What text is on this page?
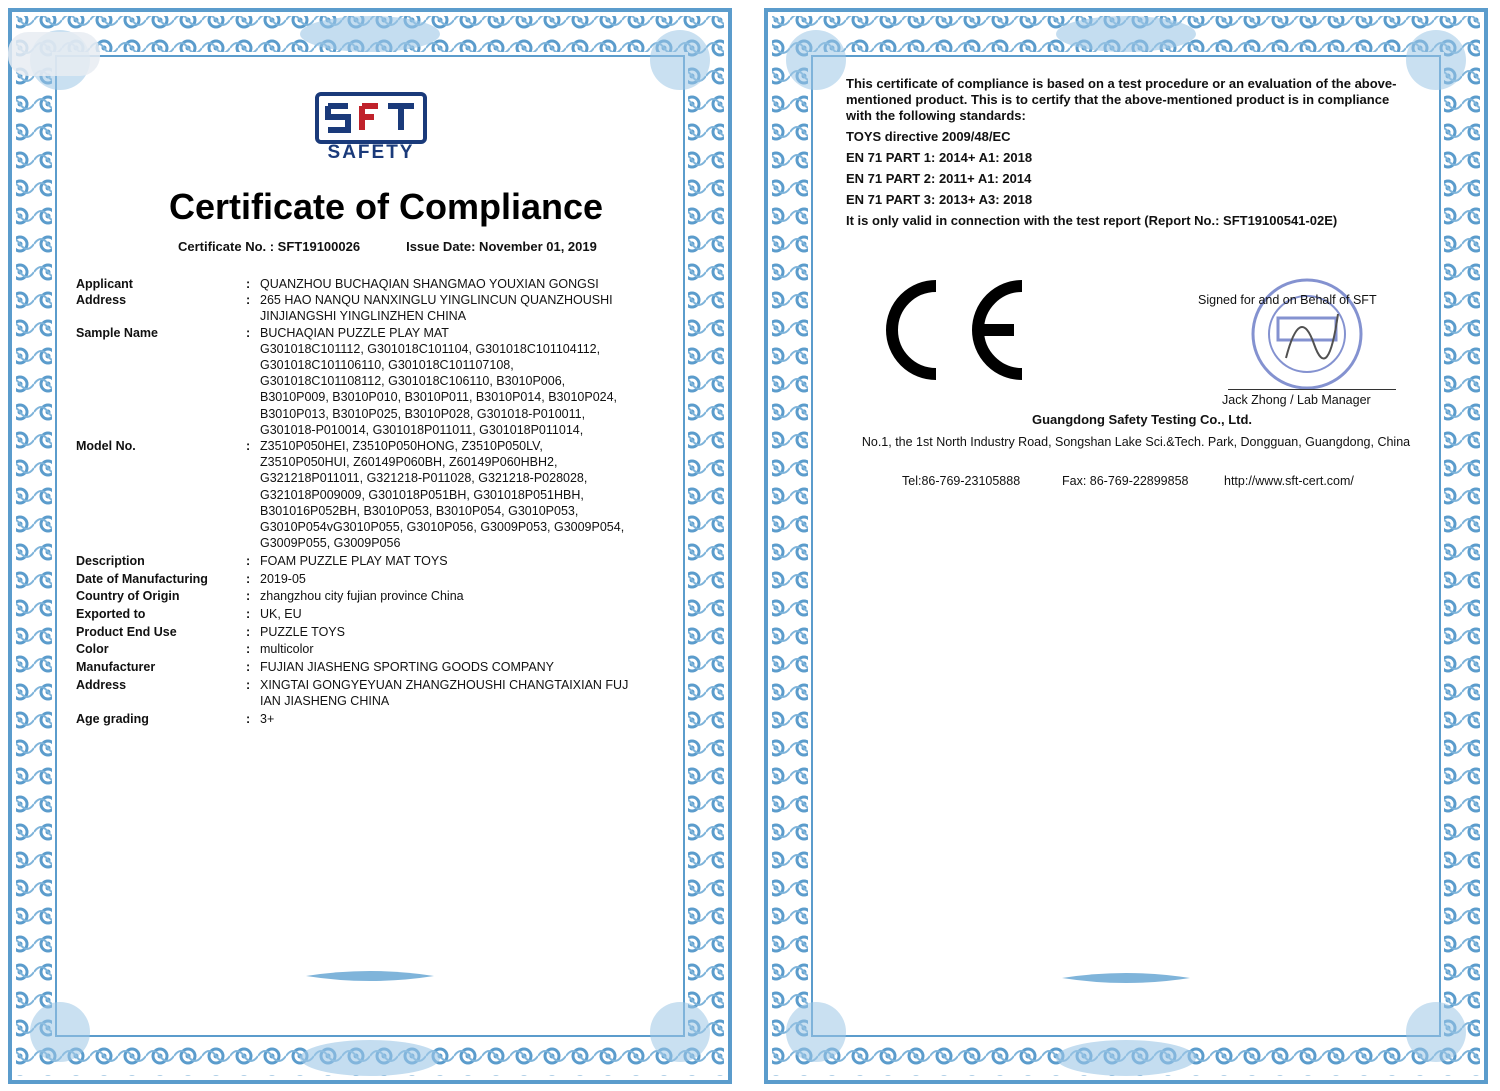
SAFETY
Certificate of Compliance
Certificate No. : SFT19100026	Issue Date: November 01, 2019
Applicant	: QUANZHOU BUCHAQIAN SHANGMAO YOUXIAN GONGSI
Address	: 265 HAO NANQU NANXINGLU YINGLINCUN QUANZHOUSHI
JINJIANGSHI YINGLINZHEN CHINA
Sample Name	: BUCHAQIAN PUZZLE PLAY MAT
G301018C101112, G301018C101104, G301018C101104112,
G301018C101106110, G301018C101107108,
G301018C101108112, G301018C106110, B3010P006,
B3010P009, B3010P010, B3010P011, B3010P014, B3010P024,
B3010P013, B3010P025, B3010P028, G301018-P010011,
G301018-P010014, G301018P011011, G301018P011014,
Model No.	: Z3510P050HEI, Z3510P050HONG, Z3510P050LV,
Z3510P050HUI, Z60149P060BH, Z60149P060HBH2,
G321218P011011, G321218-P011028, G321218-P028028,
G321018P009009, G301018P051BH, G301018P051HBH,
B301016P052BH, B3010P053, B3010P054, G3010P053,
G3010P054vG3010P055, G3010P056, G3009P053, G3009P054,
G3009P055, G3009P056
Description	: FOAM PUZZLE PLAY MAT TOYS
Date of Manufacturing	: 2019-05
Country of Origin	: zhangzhou city fujian province China
Exported to	: UK, EU
Product End Use	: PUZZLE TOYS
Color	: multicolor
Manufacturer	: FUJIAN JIASHENG SPORTING GOODS COMPANY
Address	: XINGTAI GONGYEYUAN ZHANGZHOUSHI CHANGTAIXIAN FUJ
IAN JIASHENG CHINA
Age grading	: 3+
This certificate of compliance is based on a test procedure or an evaluation of the above-mentioned product. This is to certify that the above-mentioned product is in compliance with the following standards:
TOYS directive 2009/48/EC
EN 71 PART 1: 2014+ A1: 2018
EN 71 PART 2: 2011+ A1: 2014
EN 71 PART 3: 2013+ A3: 2018
It is only valid in connection with the test report (Report No.: SFT19100541-02E)
Signed for and on Behalf of SFT
Jack Zhong / Lab Manager
Guangdong Safety Testing Co., Ltd.
No.1, the 1st North Industry Road, Songshan Lake Sci.&Tech. Park, Dongguan, Guangdong, China
Tel:86-769-23105888	Fax: 86-769-22899858	http://www.sft-cert.com/
